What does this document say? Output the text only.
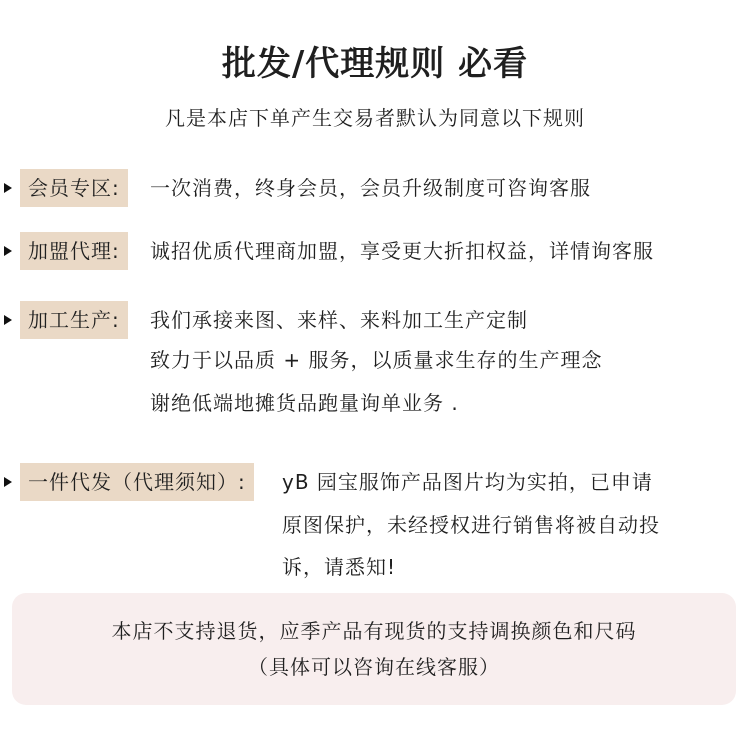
批发/代理规则 必看
凡是本店下单产生交易者默认为同意以下规则
会员专区:	一次消费，终身会员，会员升级制度可咨询客服
加盟代理:	诚招优质代理商加盟，享受更大折扣权益，详情询客服
加工生产:	我们承接来图、来样、来料加工生产定制
致力于以品质 + 服务，以质量求生存的生产理念
谢绝低端地摊货品跑量询单业务 .
一件代发（代理须知）:	yB 园宝服饰产品图片均为实拍，已申请
原图保护，未经授权进行销售将被自动投
诉，请悉知!
本店不支持退货，应季产品有现货的支持调换颜色和尺码
（具体可以咨询在线客服）
